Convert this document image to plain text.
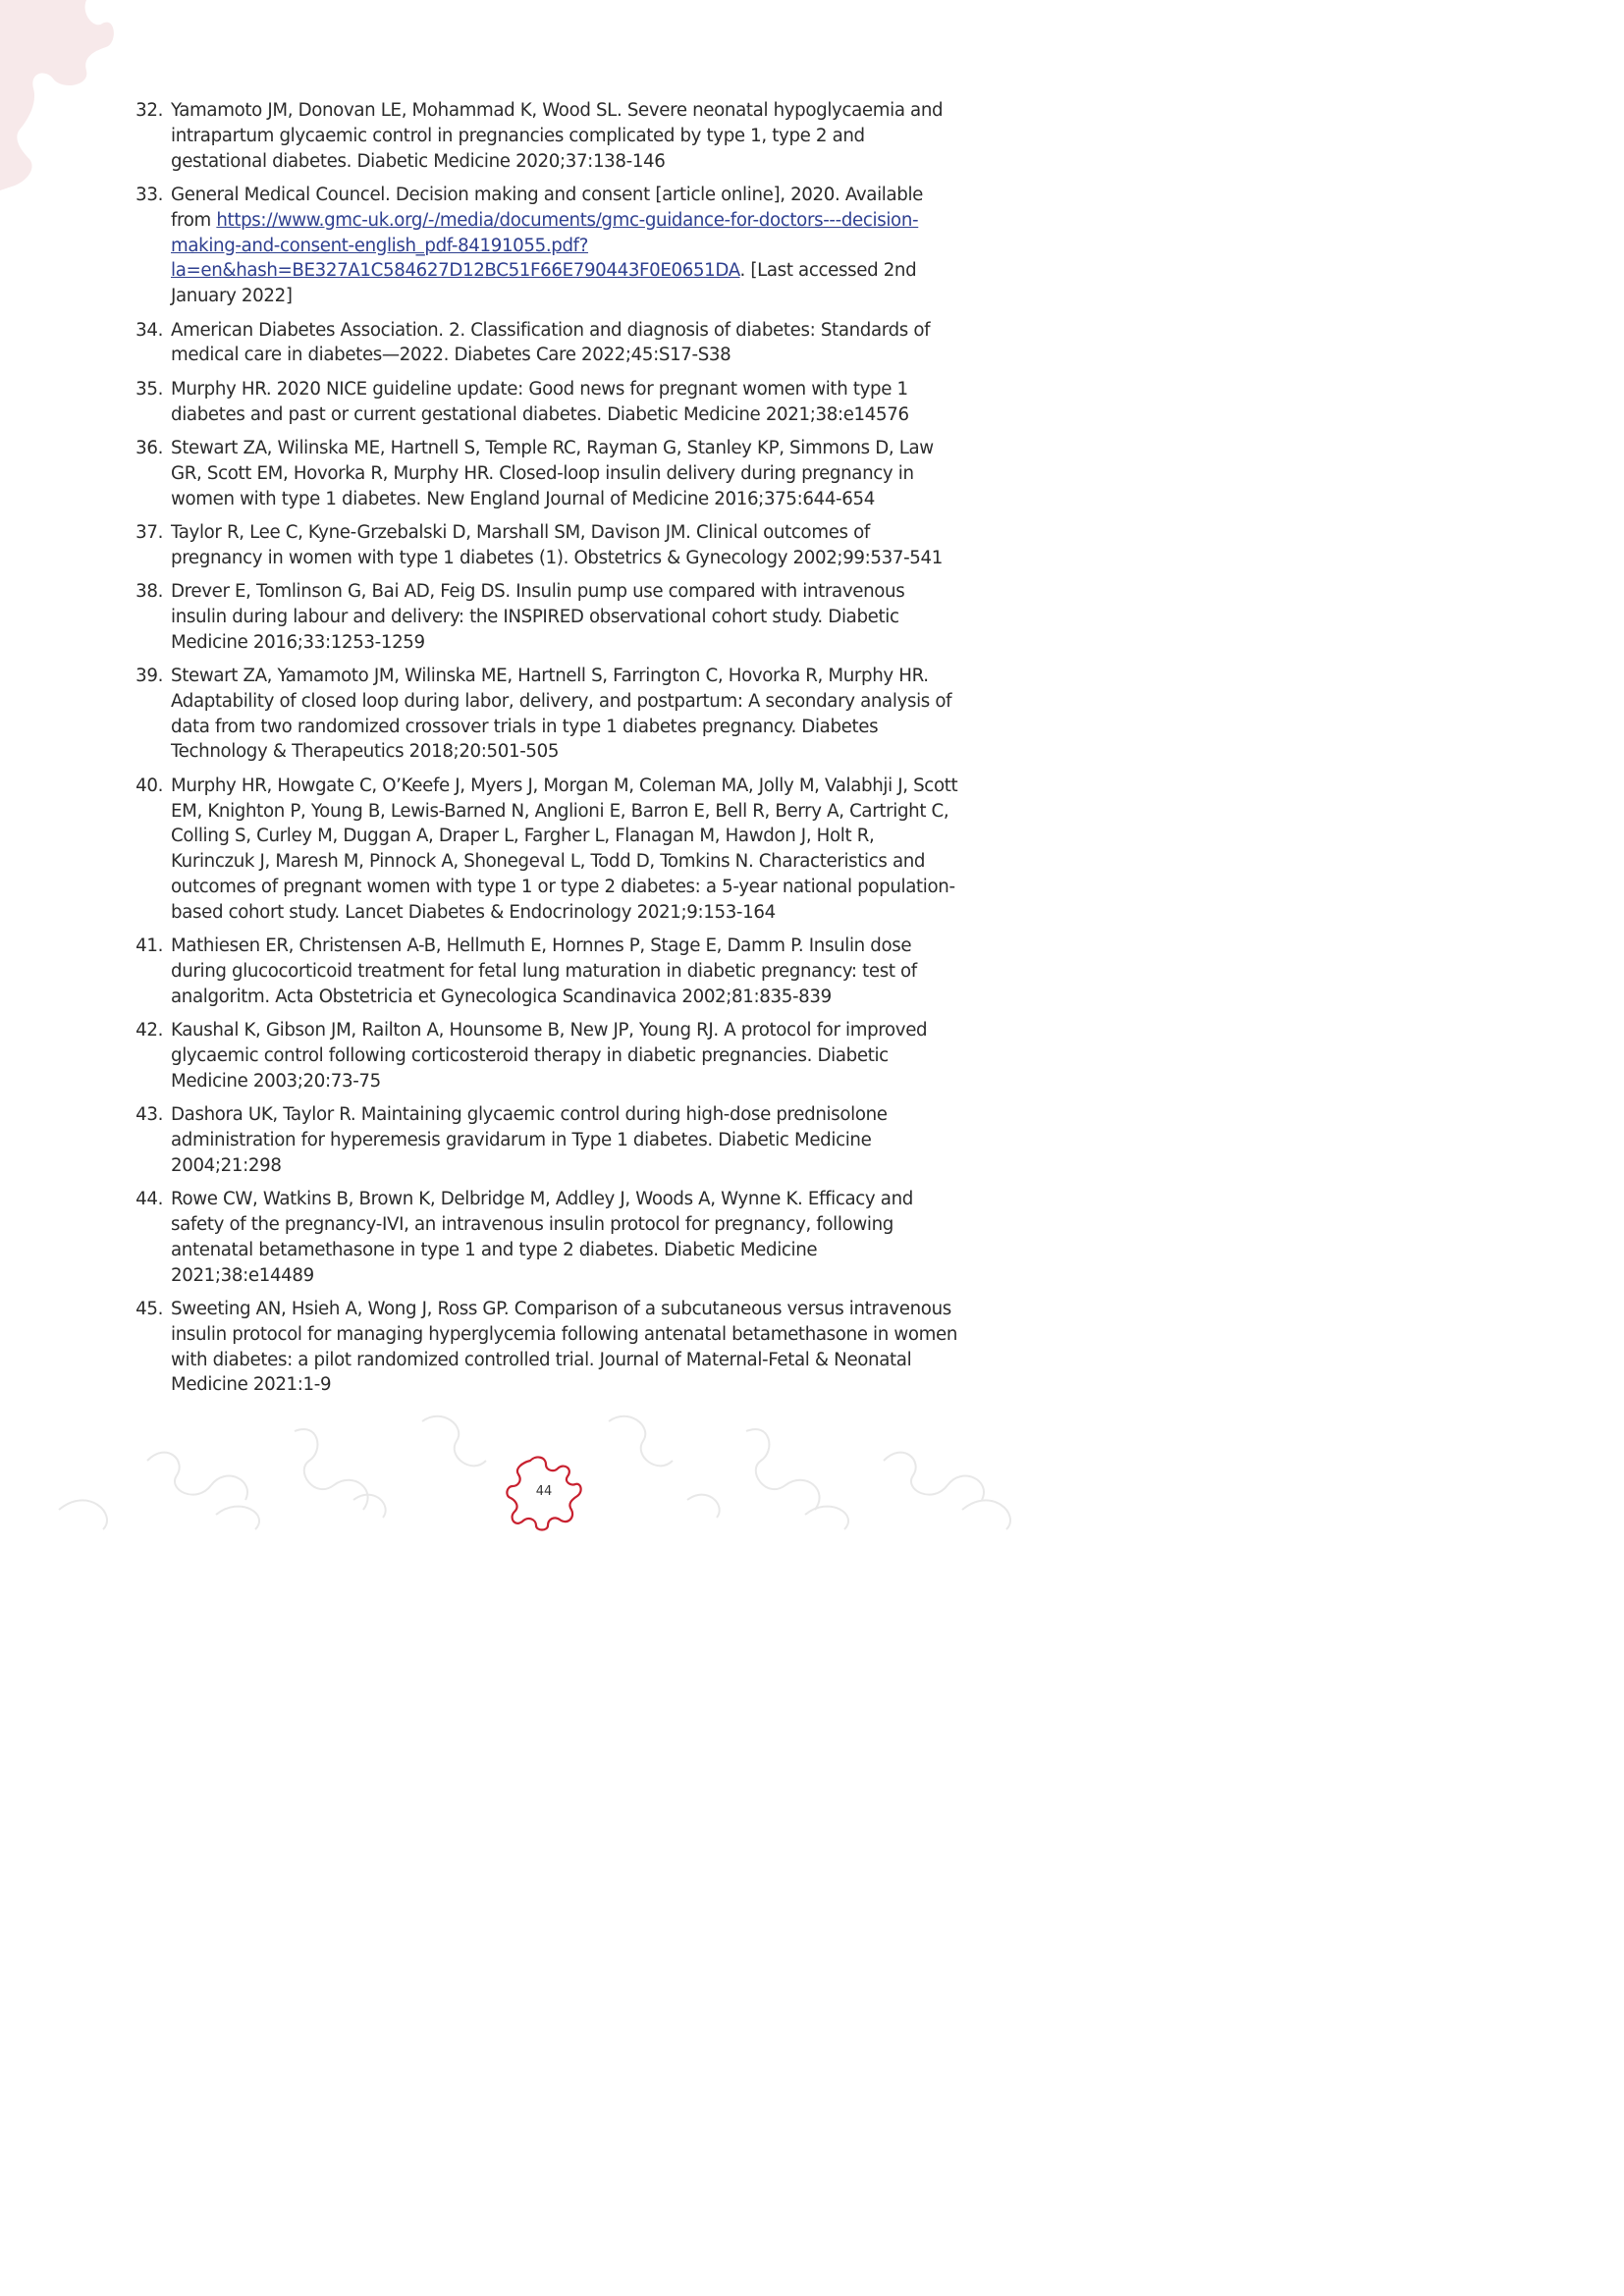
32. Yamamoto JM, Donovan LE, Mohammad K, Wood SL. Severe neonatal hypoglycaemia and intrapartum glycaemic control in pregnancies complicated by type 1, type 2 and gestational diabetes. Diabetic Medicine 2020;37:138-146
33. General Medical Councel. Decision making and consent [article online], 2020. Available from https://www.gmc-uk.org/-/media/documents/gmc-guidance-for-doctors---decision-making-and-consent-english_pdf-84191055.pdf?la=en&hash=BE327A1C584627D12BC51F66E790443F0E0651DA. [Last accessed 2nd January 2022]
34. American Diabetes Association. 2. Classification and diagnosis of diabetes: Standards of medical care in diabetes—2022. Diabetes Care 2022;45:S17-S38
35. Murphy HR. 2020 NICE guideline update: Good news for pregnant women with type 1 diabetes and past or current gestational diabetes. Diabetic Medicine 2021;38:e14576
36. Stewart ZA, Wilinska ME, Hartnell S, Temple RC, Rayman G, Stanley KP, Simmons D, Law GR, Scott EM, Hovorka R, Murphy HR. Closed-loop insulin delivery during pregnancy in women with type 1 diabetes. New England Journal of Medicine 2016;375:644-654
37. Taylor R, Lee C, Kyne-Grzebalski D, Marshall SM, Davison JM. Clinical outcomes of pregnancy in women with type 1 diabetes (1). Obstetrics & Gynecology 2002;99:537-541
38. Drever E, Tomlinson G, Bai AD, Feig DS. Insulin pump use compared with intravenous insulin during labour and delivery: the INSPIRED observational cohort study. Diabetic Medicine 2016;33:1253-1259
39. Stewart ZA, Yamamoto JM, Wilinska ME, Hartnell S, Farrington C, Hovorka R, Murphy HR. Adaptability of closed loop during labor, delivery, and postpartum: A secondary analysis of data from two randomized crossover trials in type 1 diabetes pregnancy. Diabetes Technology & Therapeutics 2018;20:501-505
40. Murphy HR, Howgate C, O’Keefe J, Myers J, Morgan M, Coleman MA, Jolly M, Valabhji J, Scott EM, Knighton P, Young B, Lewis-Barned N, Anglioni E, Barron E, Bell R, Berry A, Cartright C, Colling S, Curley M, Duggan A, Draper L, Fargher L, Flanagan M, Hawdon J, Holt R, Kurinczuk J, Maresh M, Pinnock A, Shonegeval L, Todd D, Tomkins N. Characteristics and outcomes of pregnant women with type 1 or type 2 diabetes: a 5-year national population-based cohort study. Lancet Diabetes & Endocrinology 2021;9:153-164
41. Mathiesen ER, Christensen A-B, Hellmuth E, Hornnes P, Stage E, Damm P. Insulin dose during glucocorticoid treatment for fetal lung maturation in diabetic pregnancy: test of analgoritm. Acta Obstetricia et Gynecologica Scandinavica 2002;81:835-839
42. Kaushal K, Gibson JM, Railton A, Hounsome B, New JP, Young RJ. A protocol for improved glycaemic control following corticosteroid therapy in diabetic pregnancies. Diabetic Medicine 2003;20:73-75
43. Dashora UK, Taylor R. Maintaining glycaemic control during high-dose prednisolone administration for hyperemesis gravidarum in Type 1 diabetes. Diabetic Medicine 2004;21:298
44. Rowe CW, Watkins B, Brown K, Delbridge M, Addley J, Woods A, Wynne K. Efficacy and safety of the pregnancy-IVI, an intravenous insulin protocol for pregnancy, following antenatal betamethasone in type 1 and type 2 diabetes. Diabetic Medicine 2021;38:e14489
45. Sweeting AN, Hsieh A, Wong J, Ross GP. Comparison of a subcutaneous versus intravenous insulin protocol for managing hyperglycemia following antenatal betamethasone in women with diabetes: a pilot randomized controlled trial. Journal of Maternal-Fetal & Neonatal Medicine 2021:1-9
44
